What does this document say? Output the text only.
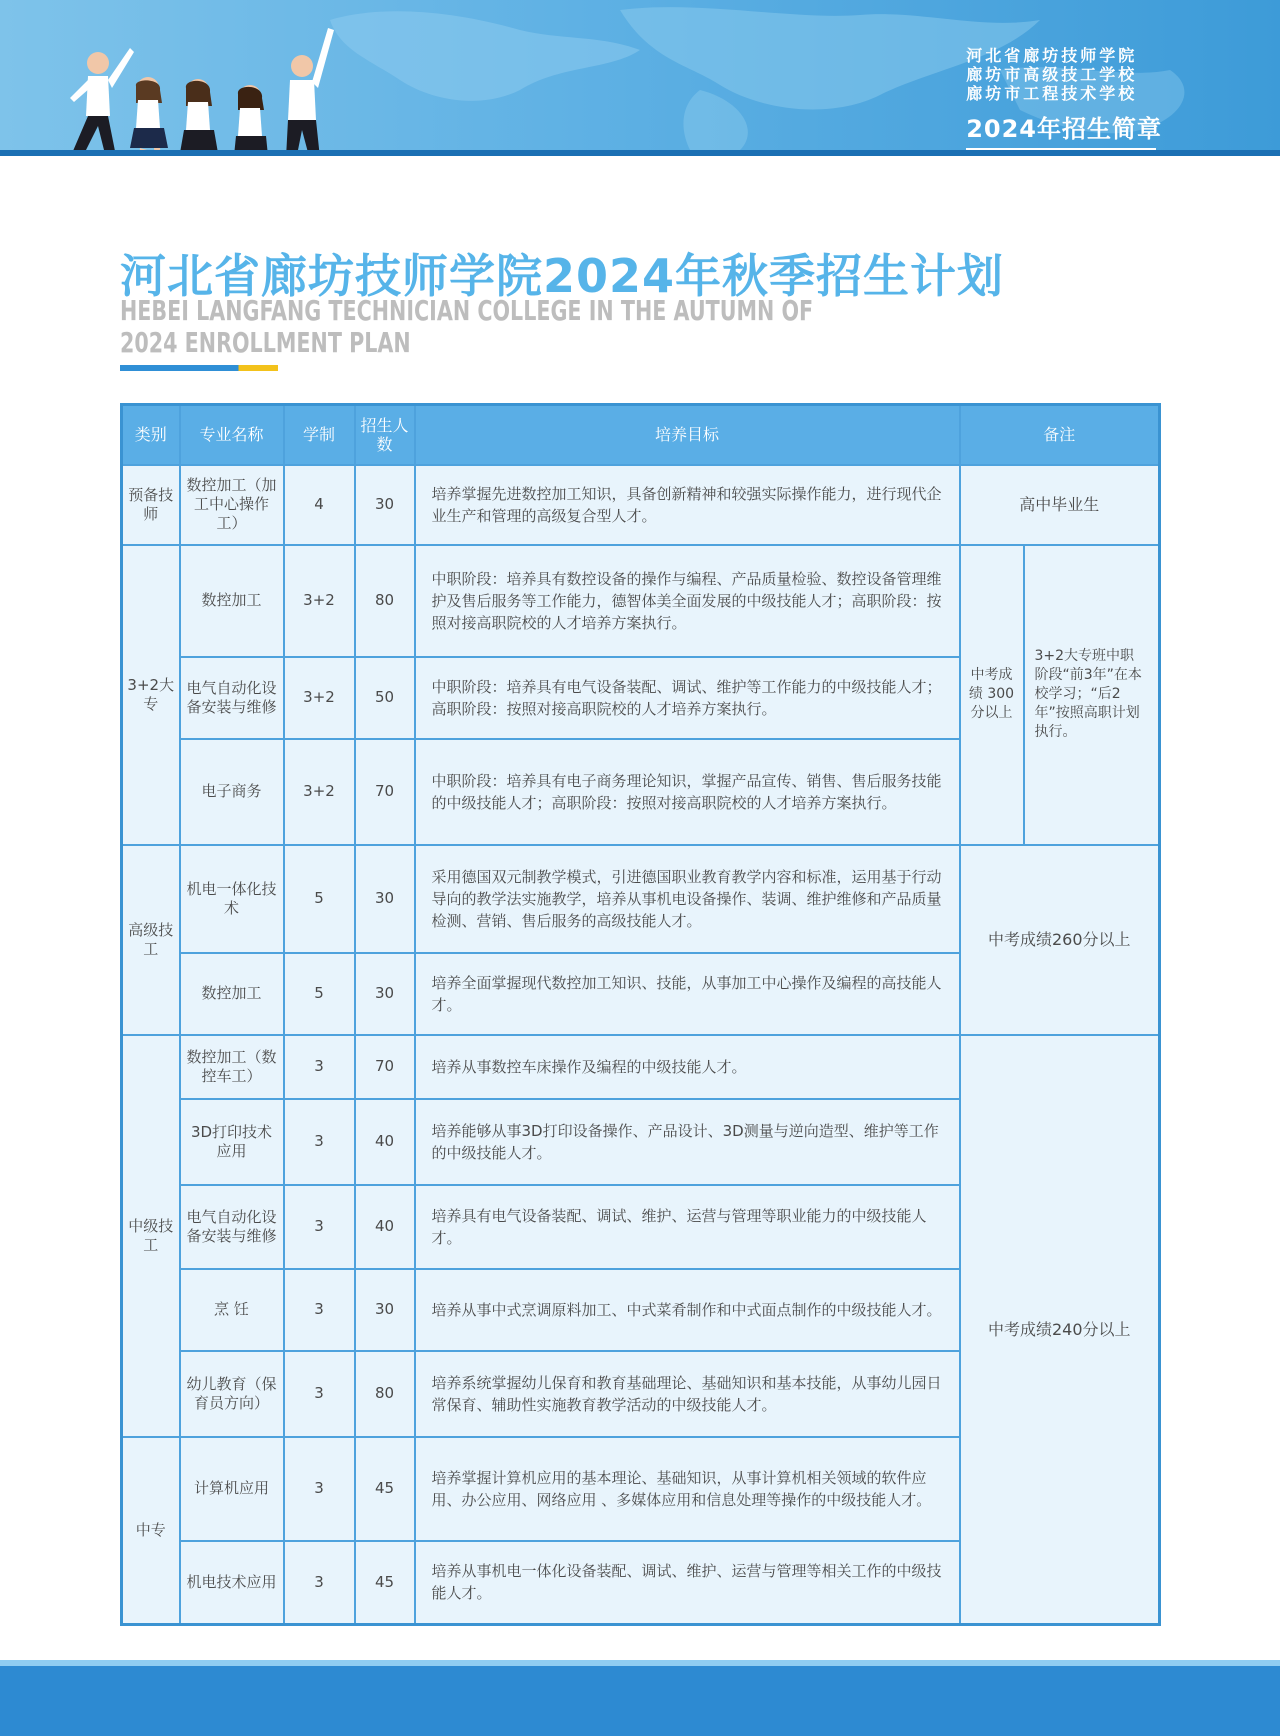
河北省廊坊技师学院
廊坊市高级技工学校
廊坊市工程技术学校
2024年招生简章
河北省廊坊技师学院2024年秋季招生计划
HEBEI LANGFANG TECHNICIAN COLLEGE IN THE AUTUMN OF
2024 ENROLLMENT PLAN
类别	专业名称	学制	招生人数	培养目标	备注	
预备技师	数控加工（加工中心操作工）	4	30	培养掌握先进数控加工知识，具备创新精神和较强实际操作能力，进行现代企业生产和管理的高级复合型人才。	高中毕业生	
3+2大专	数控加工	3+2	80	中职阶段：培养具有数控设备的操作与编程、产品质量检验、数控设备管理维护及售后服务等工作能力，德智体美全面发展的中级技能人才；高职阶段：按照对接高职院校的人才培养方案执行。	中考成绩 300分以上	3+2大专班中职阶段“前3年”在本校学习；“后2年”按照高职计划执行。
	电气自动化设备安装与维修	3+2	50	中职阶段：培养具有电气设备装配、调试、维护等工作能力的中级技能人才；高职阶段：按照对接高职院校的人才培养方案执行。		
	电子商务	3+2	70	中职阶段：培养具有电子商务理论知识，掌握产品宣传、销售、售后服务技能的中级技能人才；高职阶段：按照对接高职院校的人才培养方案执行。		
高级技工	机电一体化技术	5	30	采用德国双元制教学模式，引进德国职业教育教学内容和标准，运用基于行动导向的教学法实施教学，培养从事机电设备操作、装调、维护维修和产品质量检测、营销、售后服务的高级技能人才。	中考成绩260分以上	
	数控加工	5	30	培养全面掌握现代数控加工知识、技能，从事加工中心操作及编程的高技能人才。		
中级技工	数控加工（数控车工）	3	70	培养从事数控车床操作及编程的中级技能人才。	中考成绩240分以上	
	3D打印技术应用	3	40	培养能够从事3D打印设备操作、产品设计、3D测量与逆向造型、维护等工作的中级技能人才。		
	电气自动化设备安装与维修	3	40	培养具有电气设备装配、调试、维护、运营与管理等职业能力的中级技能人才。		
	烹 饪	3	30	培养从事中式烹调原料加工、中式菜肴制作和中式面点制作的中级技能人才。		
	幼儿教育（保育员方向）	3	80	培养系统掌握幼儿保育和教育基础理论、基础知识和基本技能，从事幼儿园日常保育、辅助性实施教育教学活动的中级技能人才。		
中专	计算机应用	3	45	培养掌握计算机应用的基本理论、基础知识，从事计算机相关领域的软件应用、办公应用、网络应用 、多媒体应用和信息处理等操作的中级技能人才。		
	机电技术应用	3	45	培养从事机电一体化设备装配、调试、维护、运营与管理等相关工作的中级技能人才。		
